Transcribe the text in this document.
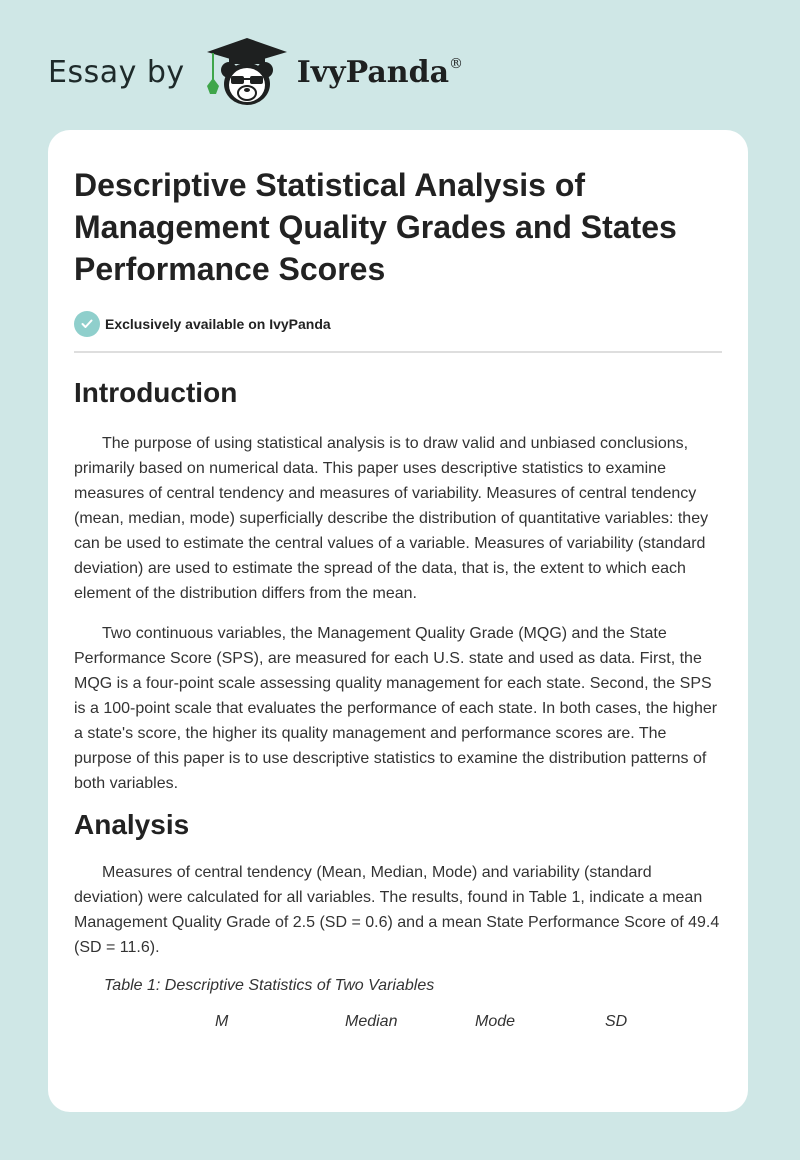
Essay by	IvyPanda®
Descriptive Statistical Analysis of Management Quality Grades and States Performance Scores
Exclusively available on IvyPanda
Introduction

The purpose of using statistical analysis is to draw valid and unbiased conclusions, primarily based on numerical data. This paper uses descriptive statistics to examine measures of central tendency and measures of variability. Measures of central tendency (mean, median, mode) superficially describe the distribution of quantitative variables: they can be used to estimate the central values of a variable. Measures of variability (standard deviation) are used to estimate the spread of the data, that is, the extent to which each element of the distribution differs from the mean.

Two continuous variables, the Management Quality Grade (MQG) and the State Performance Score (SPS), are measured for each U.S. state and used as data. First, the MQG is a four-point scale assessing quality management for each state. Second, the SPS is a 100-point scale that evaluates the performance of each state. In both cases, the higher a state's score, the higher its quality management and performance scores are. The purpose of this paper is to use descriptive statistics to examine the distribution patterns of both variables.

Analysis

Measures of central tendency (Mean, Median, Mode) and variability (standard deviation) were calculated for all variables. The results, found in Table 1, indicate a mean Management Quality Grade of 2.5 (SD = 0.6) and a mean State Performance Score of 49.4 (SD = 11.6).

Table 1: Descriptive Statistics of Two Variables
M	Median	Mode	SD
